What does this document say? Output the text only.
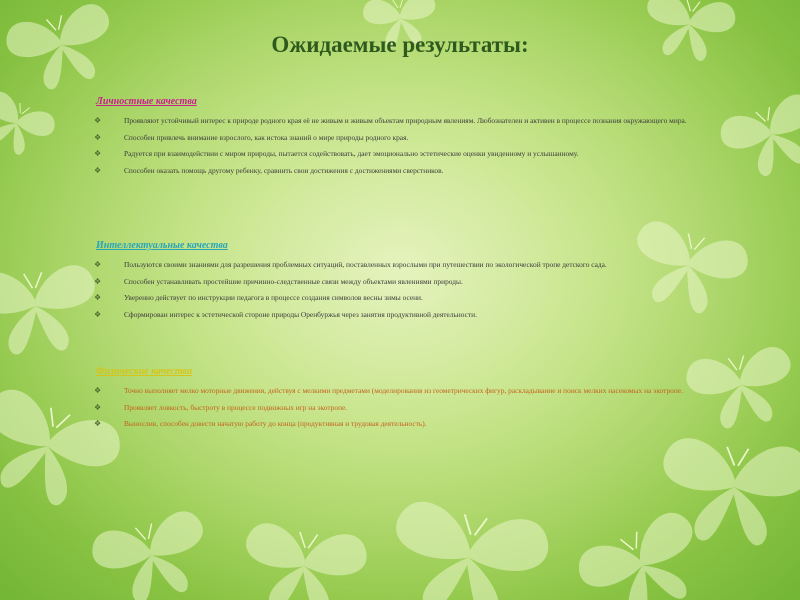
Ожидаемые результаты:
Личностные качества
❖	Проявляют устойчивый интерес к природе родного края её не живым и живым объектам природным явлениям. Любознателен и активен в процессе познания окружающего мира.
❖	Способен привлечь внимание взрослого, как истока знаний о мире природы родного края.
❖	Радуется при взаимодействии с миром природы, пытается содействовать, дает эмоционально эстетические оценки увиденному и услышанному.
❖	Способен оказать помощь другому ребенку, сравнить свои достижения с достижениями сверстников.
Интеллектуальные качества
❖	Пользуются своими знаниями для разрешения проблемных ситуаций, поставленных взрослыми при путешествии по экологической тропе детского сада.
❖	Способен устанавливать простейшие причинно-следственные связи между объектами явлениями природы.
❖	Уверенно действует по инструкции педагога в процессе создания символов весны зимы осени.
❖	Сформирован интерес к эстетической стороне природы Оренбуржья через занятия продуктивной деятельности.
Физические качества
❖	Точно выполняет мелко моторные движения, действуя с мелкими предметами (моделирования из геометрических фигур, раскладывание и поиск мелких насекомых на экотропе.
❖	Проявляет ловкость, быстроту в процессе подвижных игр на экотропе.
❖	Вынослив, способен довести начатую работу до конца (продуктивная и трудовая деятельность).
